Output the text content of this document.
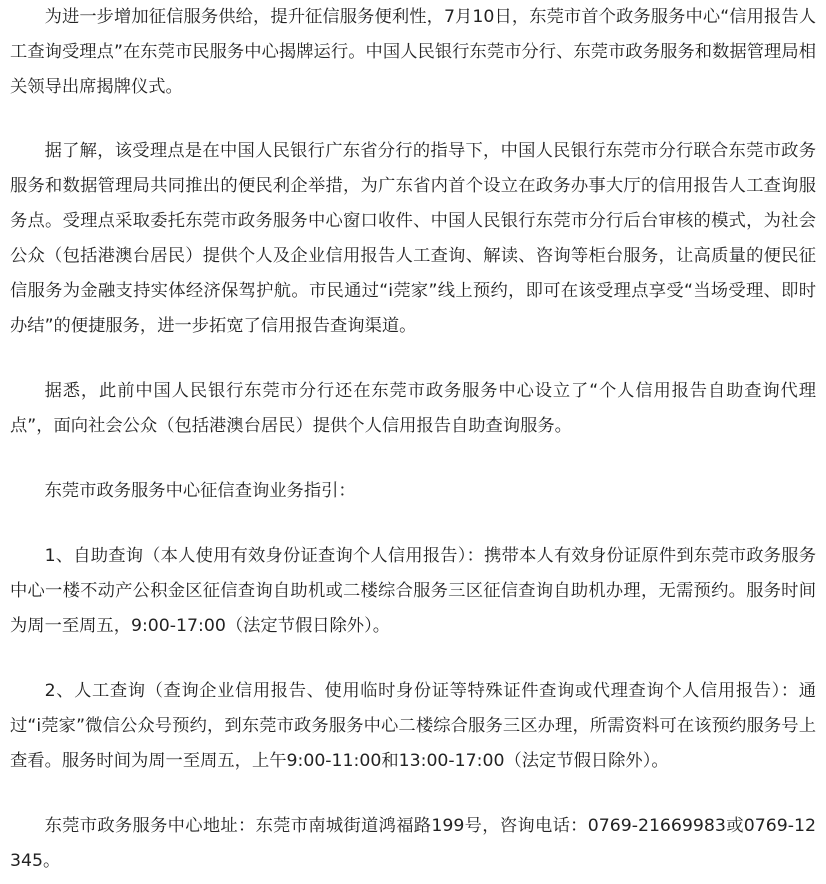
为进一步增加征信服务供给，提升征信服务便利性，7月10日，东莞市首个政务服务中心“信用报告人工查询受理点”在东莞市民服务中心揭牌运行。中国人民银行东莞市分行、东莞市政务服务和数据管理局相关领导出席揭牌仪式。

据了解，该受理点是在中国人民银行广东省分行的指导下，中国人民银行东莞市分行联合东莞市政务服务和数据管理局共同推出的便民利企举措，为广东省内首个设立在政务办事大厅的信用报告人工查询服务点。受理点采取委托东莞市政务服务中心窗口收件、中国人民银行东莞市分行后台审核的模式，为社会公众（包括港澳台居民）提供个人及企业信用报告人工查询、解读、咨询等柜台服务，让高质量的便民征信服务为金融支持实体经济保驾护航。市民通过“i莞家”线上预约，即可在该受理点享受“当场受理、即时办结”的便捷服务，进一步拓宽了信用报告查询渠道。

据悉，此前中国人民银行东莞市分行还在东莞市政务服务中心设立了“个人信用报告自助查询代理点”，面向社会公众（包括港澳台居民）提供个人信用报告自助查询服务。

东莞市政务服务中心征信查询业务指引：

1、自助查询（本人使用有效身份证查询个人信用报告）：携带本人有效身份证原件到东莞市政务服务中心一楼不动产公积金区征信查询自助机或二楼综合服务三区征信查询自助机办理，无需预约。服务时间为周一至周五，9:00-17:00（法定节假日除外）。

2、人工查询（查询企业信用报告、使用临时身份证等特殊证件查询或代理查询个人信用报告）：通过“i莞家”微信公众号预约，到东莞市政务服务中心二楼综合服务三区办理，所需资料可在该预约服务号上查看。服务时间为周一至周五，上午9:00-11:00和13:00-17:00（法定节假日除外）。

东莞市政务服务中心地址：东莞市南城街道鸿福路199号，咨询电话：0769-21669983或0769-12345。
